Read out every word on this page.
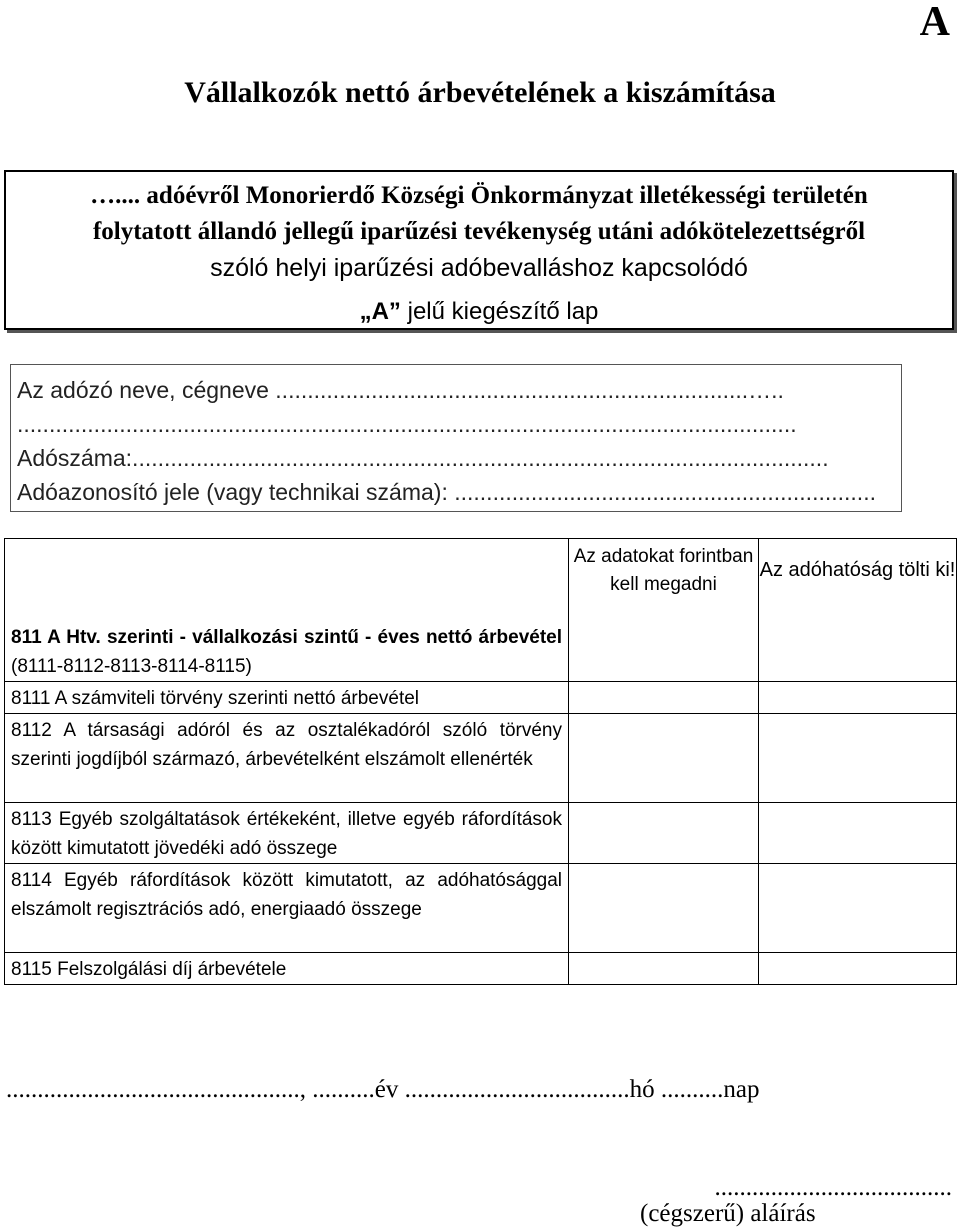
A
Vállalkozók nettó árbevételének a kiszámítása
….... adóévről Monorierdő Községi Önkormányzat illetékességi területén
folytatott állandó jellegű iparűzési tevékenység utáni adókötelezettségről
szóló helyi iparűzési adóbevalláshoz kapcsolódó
„A” jelű kiegészítő lap
Az adózó neve, cégneve ..........................................................................…..
..........................................................................................................................
Adószáma:.............................................................................................................
Adóazonosító jele (vagy technikai száma): ..................................................................
	Az adatokat forintban kell megadni	Az adóhatóság tölti ki!

811 A Htv. szerinti - vállalkozási szintű - éves nettó árbevétel (8111-8112-8113-8114-8115)		

8111 A számviteli törvény szerinti nettó árbevétel		

8112 A társasági adóról és az osztalékadóról szóló törvény szerinti jogdíjból származó, árbevételként elszámolt ellenérték		

8113 Egyéb szolgáltatások értékeként, illetve egyéb ráfordítások között kimutatott jövedéki adó összege		

8114 Egyéb ráfordítások között kimutatott, az adóhatósággal elszámolt regisztrációs adó, energiaadó összege		

8115 Felszolgálási díj árbevétele		
..............................................., ..........év ....................................hó ..........nap
......................................
(cégszerű) aláírás
